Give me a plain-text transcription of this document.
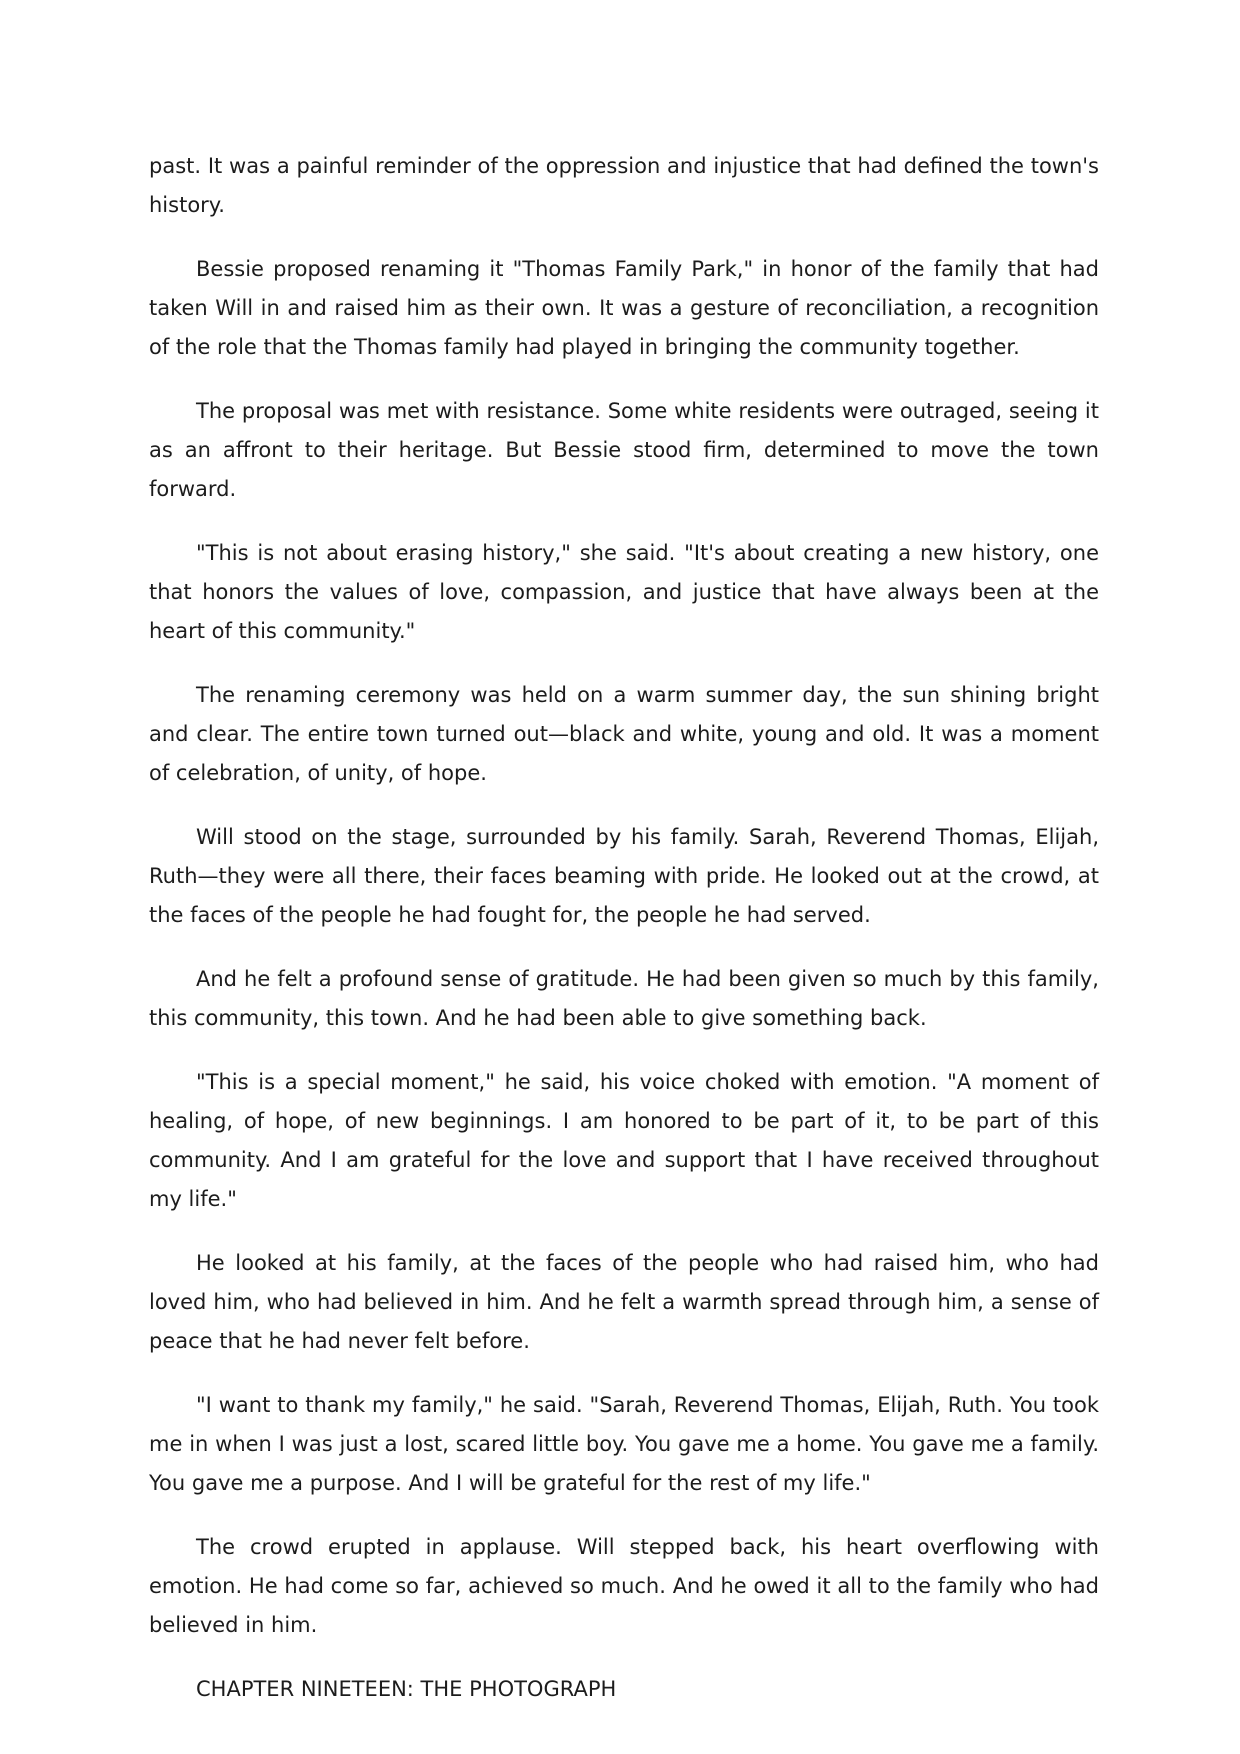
past. It was a painful reminder of the oppression and injustice that had defined the town's history.

Bessie proposed renaming it "Thomas Family Park," in honor of the family that had taken Will in and raised him as their own. It was a gesture of reconciliation, a recognition of the role that the Thomas family had played in bringing the community together.

The proposal was met with resistance. Some white residents were outraged, seeing it as an affront to their heritage. But Bessie stood firm, determined to move the town forward.

"This is not about erasing history," she said. "It's about creating a new history, one that honors the values of love, compassion, and justice that have always been at the heart of this community."

The renaming ceremony was held on a warm summer day, the sun shining bright and clear. The entire town turned out—black and white, young and old. It was a moment of celebration, of unity, of hope.

Will stood on the stage, surrounded by his family. Sarah, Reverend Thomas, Elijah, Ruth—they were all there, their faces beaming with pride. He looked out at the crowd, at the faces of the people he had fought for, the people he had served.

And he felt a profound sense of gratitude. He had been given so much by this family, this community, this town. And he had been able to give something back.

"This is a special moment," he said, his voice choked with emotion. "A moment of healing, of hope, of new beginnings. I am honored to be part of it, to be part of this community. And I am grateful for the love and support that I have received throughout my life."

He looked at his family, at the faces of the people who had raised him, who had loved him, who had believed in him. And he felt a warmth spread through him, a sense of peace that he had never felt before.

"I want to thank my family," he said. "Sarah, Reverend Thomas, Elijah, Ruth. You took me in when I was just a lost, scared little boy. You gave me a home. You gave me a family. You gave me a purpose. And I will be grateful for the rest of my life."

The crowd erupted in applause. Will stepped back, his heart overflowing with emotion. He had come so far, achieved so much. And he owed it all to the family who had believed in him.

CHAPTER NINETEEN: THE PHOTOGRAPH
